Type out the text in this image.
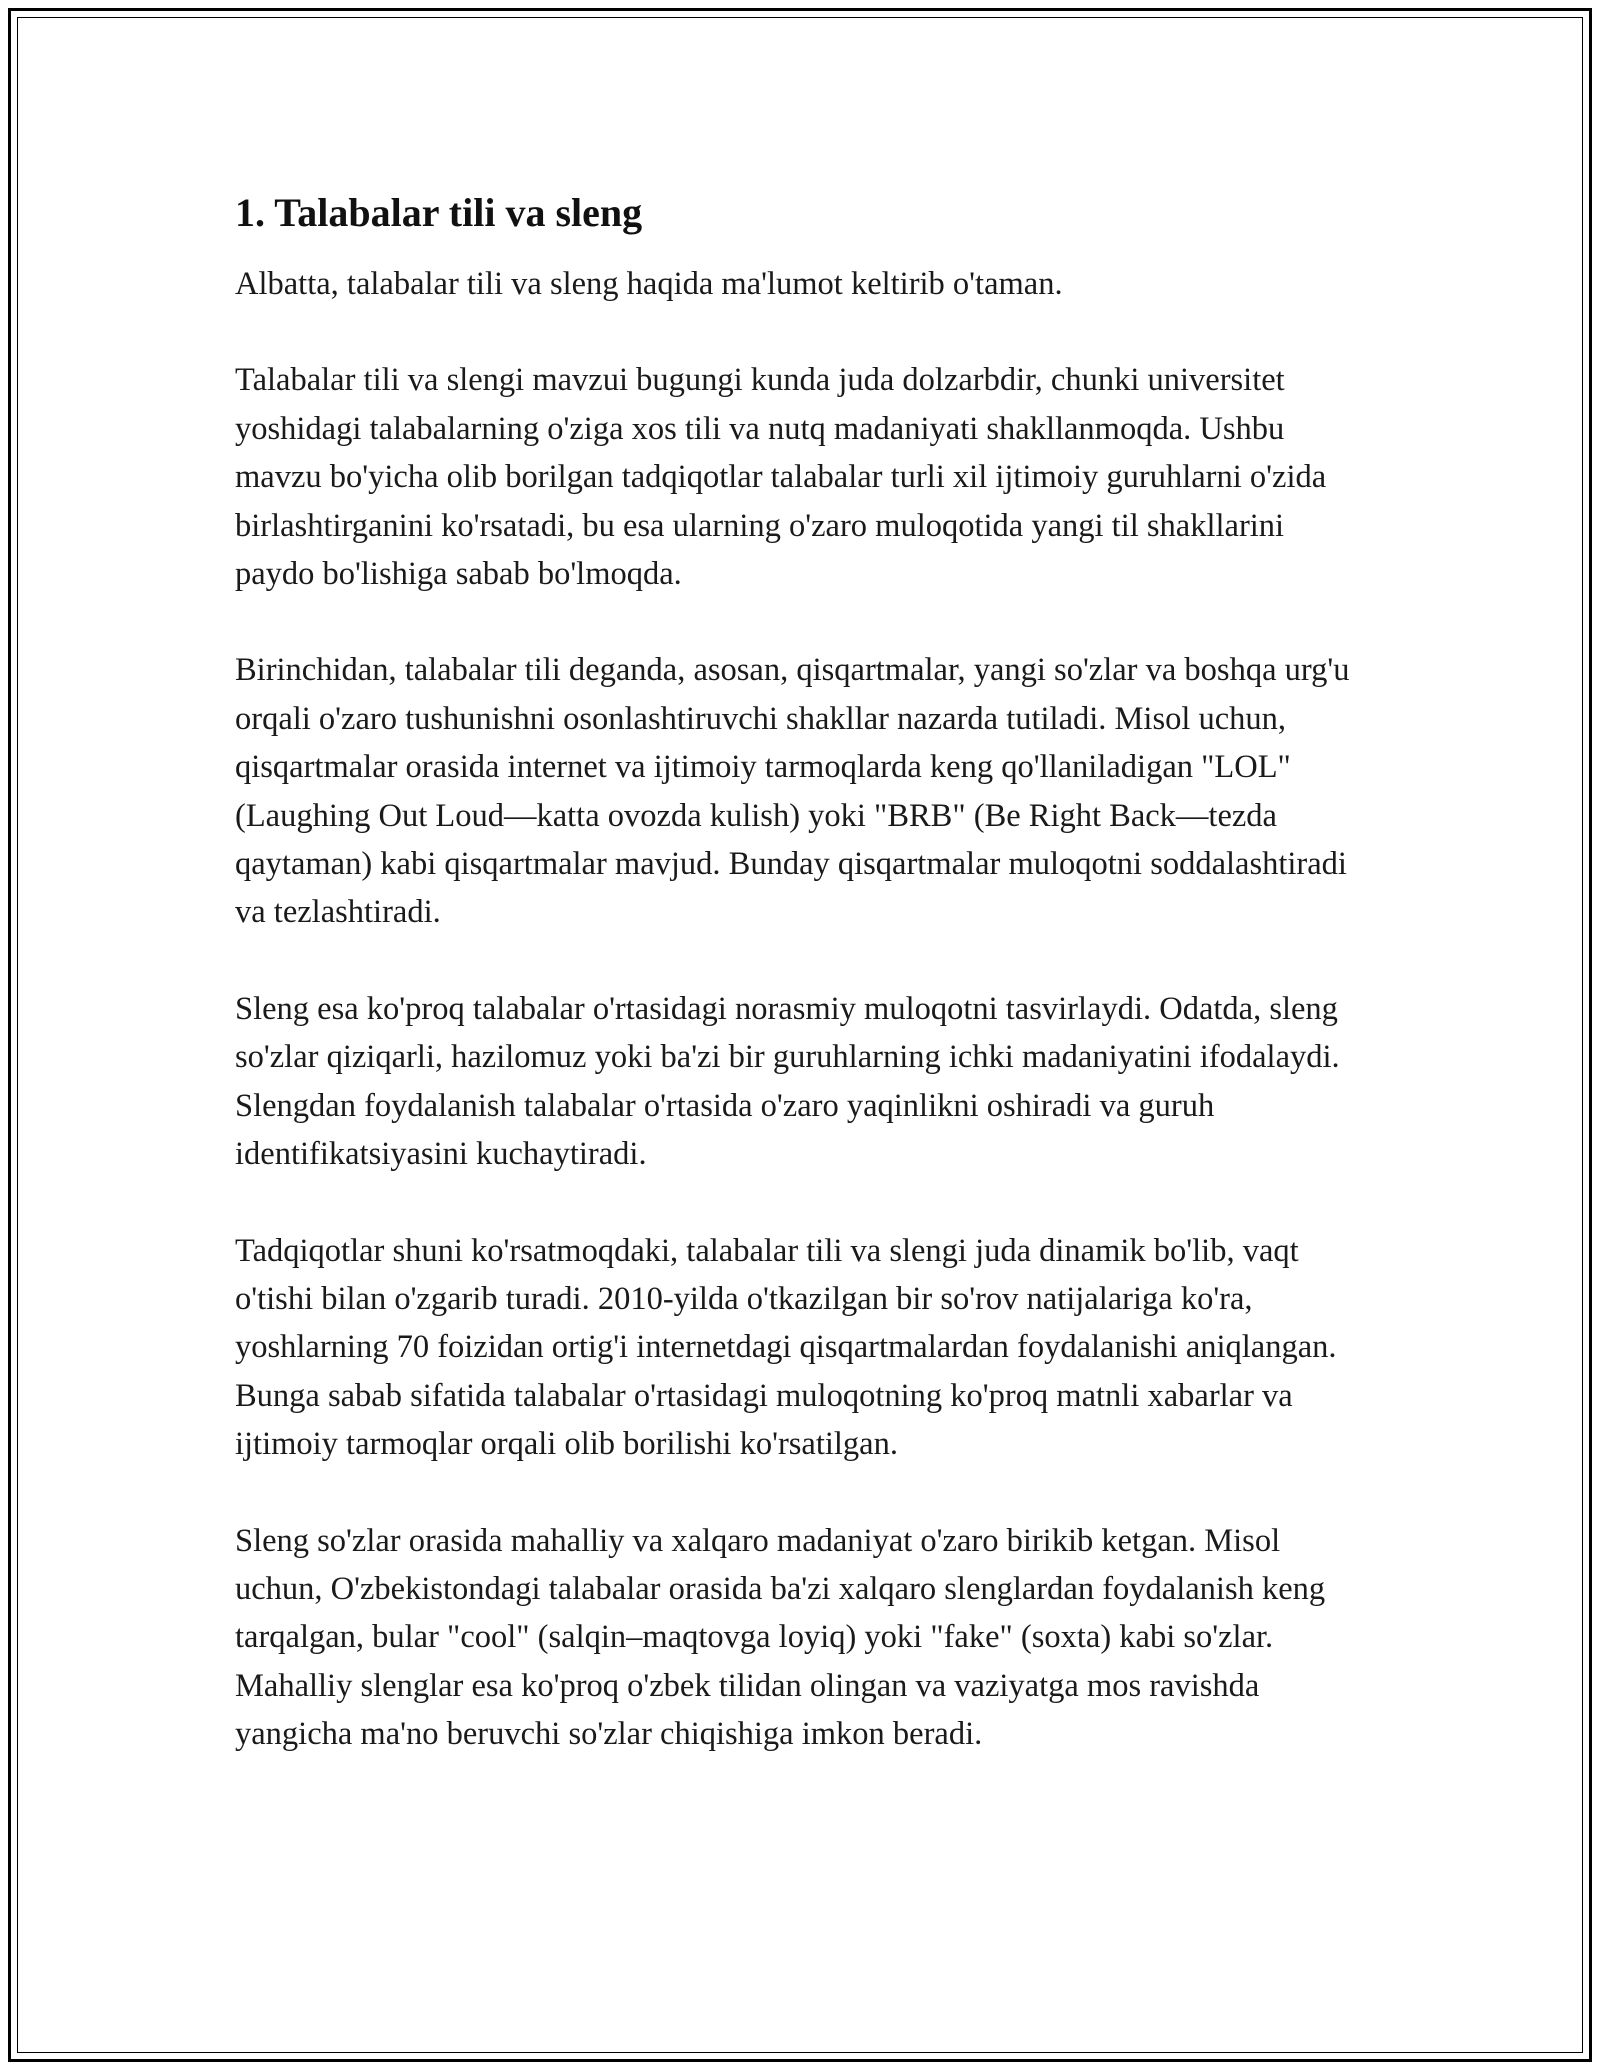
1. Talabalar tili va sleng

Albatta, talabalar tili va sleng haqida ma'lumot keltirib o'taman.

Talabalar tili va slengi mavzui bugungi kunda juda dolzarbdir, chunki universitet yoshidagi talabalarning o'ziga xos tili va nutq madaniyati shakllanmoqda. Ushbu mavzu bo'yicha olib borilgan tadqiqotlar talabalar turli xil ijtimoiy guruhlarni o'zida birlashtirganini ko'rsatadi, bu esa ularning o'zaro muloqotida yangi til shakllarini paydo bo'lishiga sabab bo'lmoqda.

Birinchidan, talabalar tili deganda, asosan, qisqartmalar, yangi so'zlar va boshqa urg'u orqali o'zaro tushunishni osonlashtiruvchi shakllar nazarda tutiladi. Misol uchun, qisqartmalar orasida internet va ijtimoiy tarmoqlarda keng qo'llaniladigan "LOL" (Laughing Out Loud—katta ovozda kulish) yoki "BRB" (Be Right Back—tezda qaytaman) kabi qisqartmalar mavjud. Bunday qisqartmalar muloqotni soddalashtiradi va tezlashtiradi.

Sleng esa ko'proq talabalar o'rtasidagi norasmiy muloqotni tasvirlaydi. Odatda, sleng so'zlar qiziqarli, hazilomuz yoki ba'zi bir guruhlarning ichki madaniyatini ifodalaydi. Slengdan foydalanish talabalar o'rtasida o'zaro yaqinlikni oshiradi va guruh identifikatsiyasini kuchaytiradi.

Tadqiqotlar shuni ko'rsatmoqdaki, talabalar tili va slengi juda dinamik bo'lib, vaqt o'tishi bilan o'zgarib turadi. 2010-yilda o'tkazilgan bir so'rov natijalariga ko'ra, yoshlarning 70 foizidan ortig'i internetdagi qisqartmalardan foydalanishi aniqlangan. Bunga sabab sifatida talabalar o'rtasidagi muloqotning ko'proq matnli xabarlar va ijtimoiy tarmoqlar orqali olib borilishi ko'rsatilgan.

Sleng so'zlar orasida mahalliy va xalqaro madaniyat o'zaro birikib ketgan. Misol uchun, O'zbekistondagi talabalar orasida ba'zi xalqaro slenglardan foydalanish keng tarqalgan, bular "cool" (salqin–maqtovga loyiq) yoki "fake" (soxta) kabi so'zlar. Mahalliy slenglar esa ko'proq o'zbek tilidan olingan va vaziyatga mos ravishda yangicha ma'no beruvchi so'zlar chiqishiga imkon beradi.
